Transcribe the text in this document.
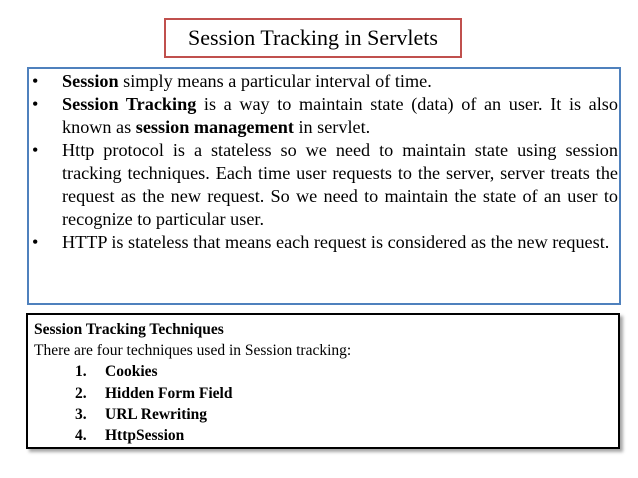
Session Tracking in Servlets
• Session simply means a particular interval of time.
• Session Tracking is a way to maintain state (data) of an user. It is also known as session management in servlet.
• Http protocol is a stateless so we need to maintain state using session tracking techniques. Each time user requests to the server, server treats the request as the new request. So we need to maintain the state of an user to recognize to particular user.
• HTTP is stateless that means each request is considered as the new request.
Session Tracking Techniques
There are four techniques used in Session tracking:
1. Cookies
2. Hidden Form Field
3. URL Rewriting
4. HttpSession
